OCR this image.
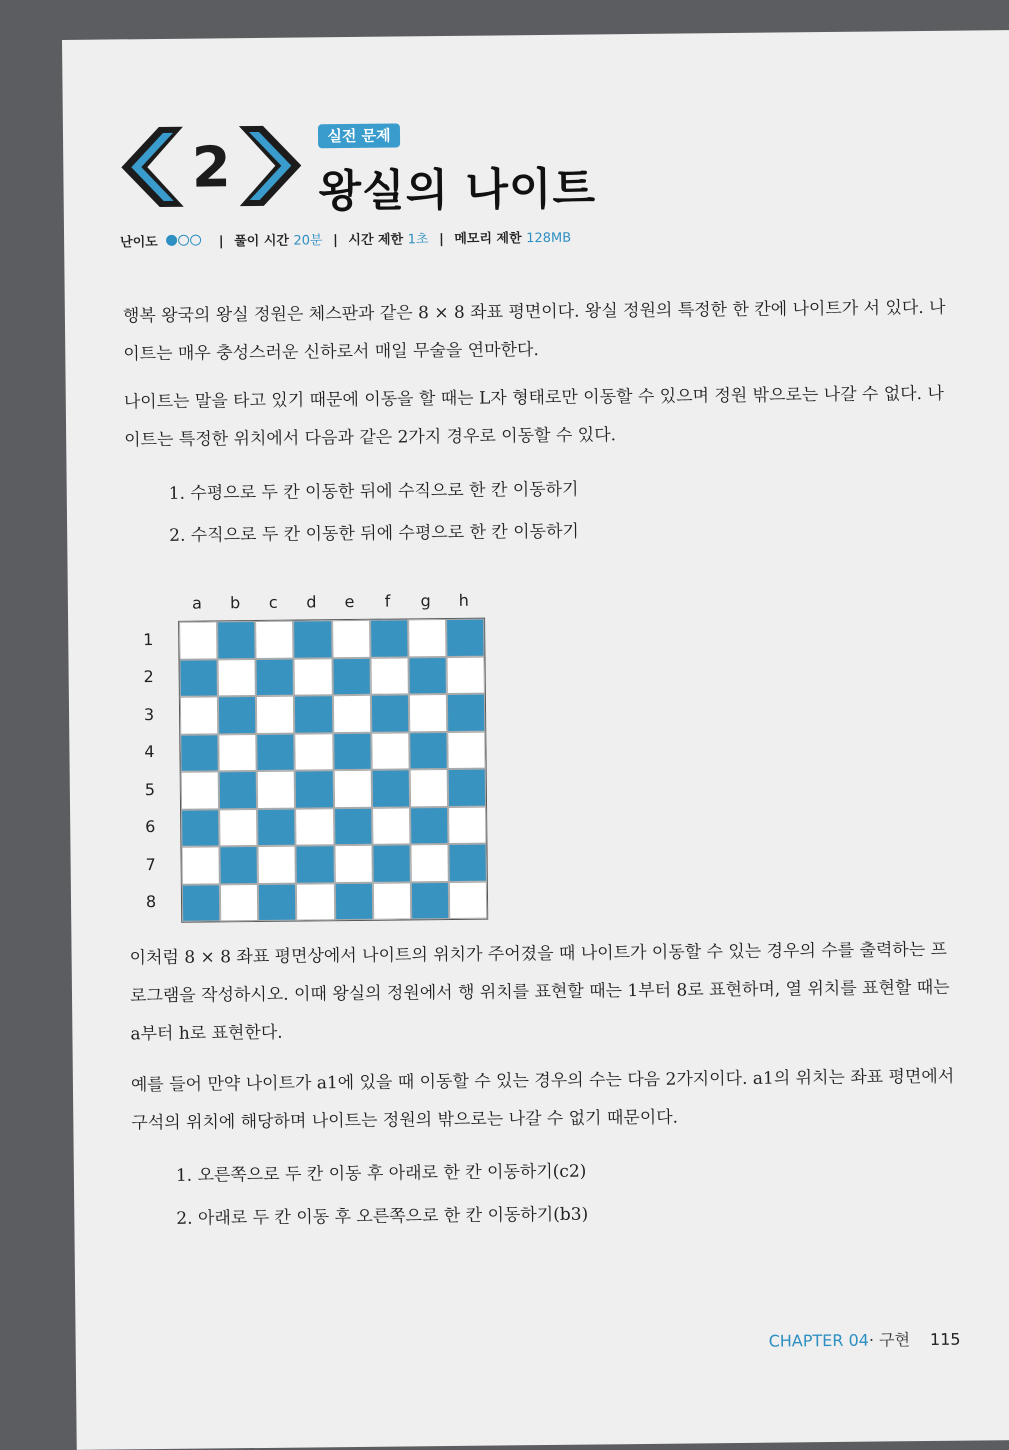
2	실전 문제
왕실의 나이트
난이도	| 풀이 시간 20분 | 시간 제한 1초 | 메모리 제한 128MB
행복 왕국의 왕실 정원은 체스판과 같은 8 × 8 좌표 평면이다. 왕실 정원의 특정한 한 칸에 나이트가 서 있다. 나이트는 매우 충성스러운 신하로서 매일 무술을 연마한다.
나이트는 말을 타고 있기 때문에 이동을 할 때는 L자 형태로만 이동할 수 있으며 정원 밖으로는 나갈 수 없다. 나이트는 특정한 위치에서 다음과 같은 2가지 경우로 이동할 수 있다.
1. 수평으로 두 칸 이동한 뒤에 수직으로 한 칸 이동하기
2. 수직으로 두 칸 이동한 뒤에 수평으로 한 칸 이동하기
a	b	c	d	e	f	g	h
1
2
3
4
5
6
7
8
이처럼 8 × 8 좌표 평면상에서 나이트의 위치가 주어졌을 때 나이트가 이동할 수 있는 경우의 수를 출력하는 프로그램을 작성하시오. 이때 왕실의 정원에서 행 위치를 표현할 때는 1부터 8로 표현하며, 열 위치를 표현할 때는 a부터 h로 표현한다.
예를 들어 만약 나이트가 a1에 있을 때 이동할 수 있는 경우의 수는 다음 2가지이다. a1의 위치는 좌표 평면에서 구석의 위치에 해당하며 나이트는 정원의 밖으로는 나갈 수 없기 때문이다.
1. 오른쪽으로 두 칸 이동 후 아래로 한 칸 이동하기(c2)
2. 아래로 두 칸 이동 후 오른쪽으로 한 칸 이동하기(b3)
CHAPTER 04· 구현 115
